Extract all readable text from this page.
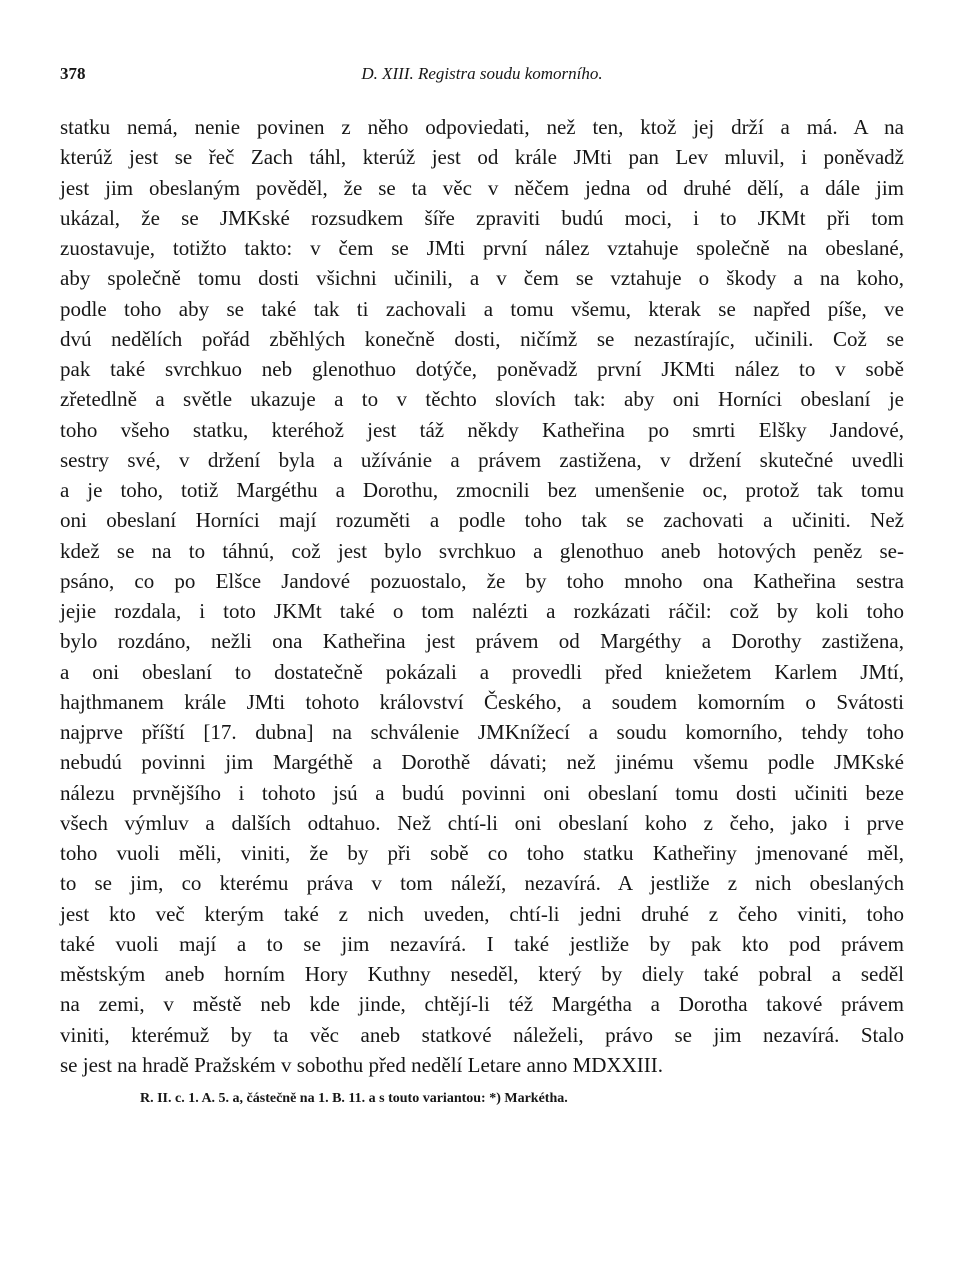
378	D. XIII. Registra soudu komorního.
statku nemá, nenie povinen z něho odpoviedati, než ten, ktož jej drží a má. A na
kterúž jest se řeč Zach táhl, kterúž jest od krále JMti pan Lev mluvil, i poněvadž
jest jim obeslaným pověděl, že se ta věc v něčem jedna od druhé dělí, a dále jim
ukázal, že se JMKské rozsudkem šíře zpraviti budú moci, i to JKMt při tom
zuostavuje, totižto takto: v čem se JMti první nález vztahuje společně na obeslané,
aby společně tomu dosti všichni učinili, a v čem se vztahuje o škody a na koho,
podle toho aby se také tak ti zachovali a tomu všemu, kterak se napřed píše, ve
dvú nedělích pořád zběhlých konečně dosti, ničímž se nezastírajíc, učinili. Což se
pak také svrchkuo neb glenothuo dotýče, poněvadž první JKMti nález to v sobě
zřetedlně a světle ukazuje a to v těchto slovích tak: aby oni Horníci obeslaní je
toho všeho statku, kteréhož jest táž někdy Katheřina po smrti Elšky Jandové,
sestry své, v držení byla a užívánie a právem zastižena, v držení skutečné uvedli
a je toho, totiž Margéthu a Dorothu, zmocnili bez umenšenie oc, protož tak tomu
oni obeslaní Horníci mají rozuměti a podle toho tak se zachovati a učiniti. Než
kdež se na to táhnú, což jest bylo svrchkuo a glenothuo aneb hotových peněz se-
psáno, co po Elšce Jandové pozuostalo, že by toho mnoho ona Katheřina sestra
jejie rozdala, i toto JKMt také o tom nalézti a rozkázati ráčil: což by koli toho
bylo rozdáno, nežli ona Katheřina jest právem od Margéthy a Dorothy zastižena,
a oni obeslaní to dostatečně pokázali a provedli před kniežetem Karlem JMtí,
hajthmanem krále JMti tohoto království Českého, a soudem komorním o Svátosti
najprve příští [17. dubna] na schválenie JMKnížecí a soudu komorního, tehdy toho
nebudú povinni jim Margéthě a Dorothě dávati; než jinému všemu podle JMKské
nálezu prvnějšího i tohoto jsú a budú povinni oni obeslaní tomu dosti učiniti beze
všech výmluv a dalších odtahuo. Než chtí-li oni obeslaní koho z čeho, jako i prve
toho vuoli měli, viniti, že by při sobě co toho statku Katheřiny jmenované měl,
to se jim, co kterému práva v tom náleží, nezavírá. A jestliže z nich obeslaných
jest kto več kterým také z nich uveden, chtí-li jedni druhé z čeho viniti, toho
také vuoli mají a to se jim nezavírá. I také jestliže by pak kto pod právem
městským aneb horním Hory Kuthny neseděl, který by diely také pobral a seděl
na zemi, v městě neb kde jinde, chtějí-li též Margétha a Dorotha takové právem
viniti, kterémuž by ta věc aneb statkové náleželi, právo se jim nezavírá. Stalo
se jest na hradě Pražském v sobothu před nedělí Letare anno MDXXIII.
R. II. c. 1. A. 5. a, částečně na 1. B. 11. a s touto variantou: *) Markétha.
